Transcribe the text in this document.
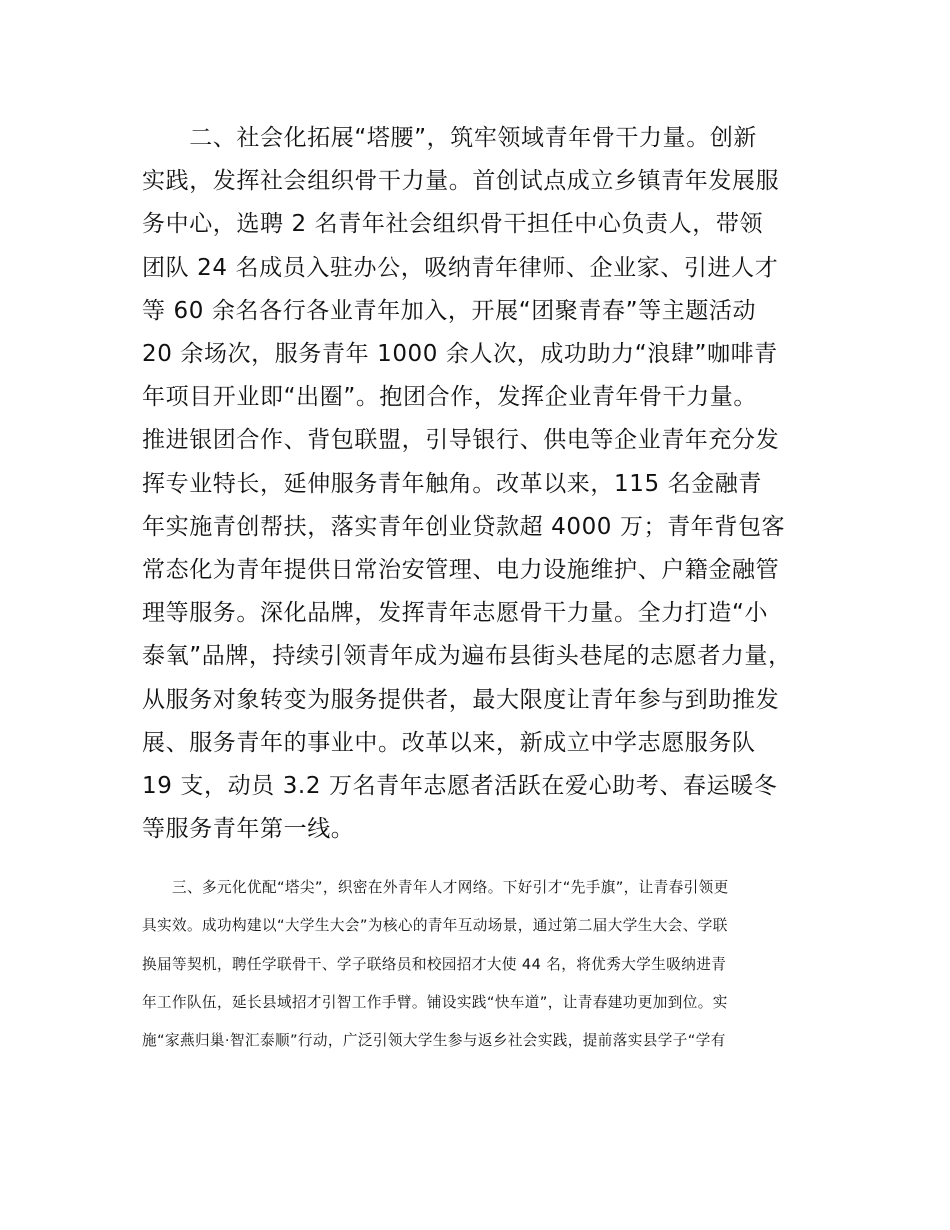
　　二、社会化拓展“塔腰”，筑牢领域青年骨干力量。创新
实践，发挥社会组织骨干力量。首创试点成立乡镇青年发展服
务中心，选聘 2 名青年社会组织骨干担任中心负责人，带领
团队 24 名成员入驻办公，吸纳青年律师、企业家、引进人才
等 60 余名各行各业青年加入，开展“团聚青春”等主题活动
20 余场次，服务青年 1000 余人次，成功助力“浪肆”咖啡青
年项目开业即“出圈”。抱团合作，发挥企业青年骨干力量。
推进银团合作、背包联盟，引导银行、供电等企业青年充分发
挥专业特长，延伸服务青年触角。改革以来，115 名金融青
年实施青创帮扶，落实青年创业贷款超 4000 万；青年背包客
常态化为青年提供日常治安管理、电力设施维护、户籍金融管
理等服务。深化品牌，发挥青年志愿骨干力量。全力打造“小
泰氧”品牌，持续引领青年成为遍布县街头巷尾的志愿者力量，
从服务对象转变为服务提供者，最大限度让青年参与到助推发
展、服务青年的事业中。改革以来，新成立中学志愿服务队
19 支，动员 3.2 万名青年志愿者活跃在爱心助考、春运暖冬
等服务青年第一线。
　　三、多元化优配“塔尖”，织密在外青年人才网络。下好引才“先手旗”，让青春引领更
具实效。成功构建以“大学生大会”为核心的青年互动场景，通过第二届大学生大会、学联
换届等契机，聘任学联骨干、学子联络员和校园招才大使 44 名，将优秀大学生吸纳进青
年工作队伍，延长县域招才引智工作手臂。铺设实践“快车道”，让青春建功更加到位。实
施“家燕归巢·智汇泰顺”行动，广泛引领大学生参与返乡社会实践，提前落实县学子“学有
